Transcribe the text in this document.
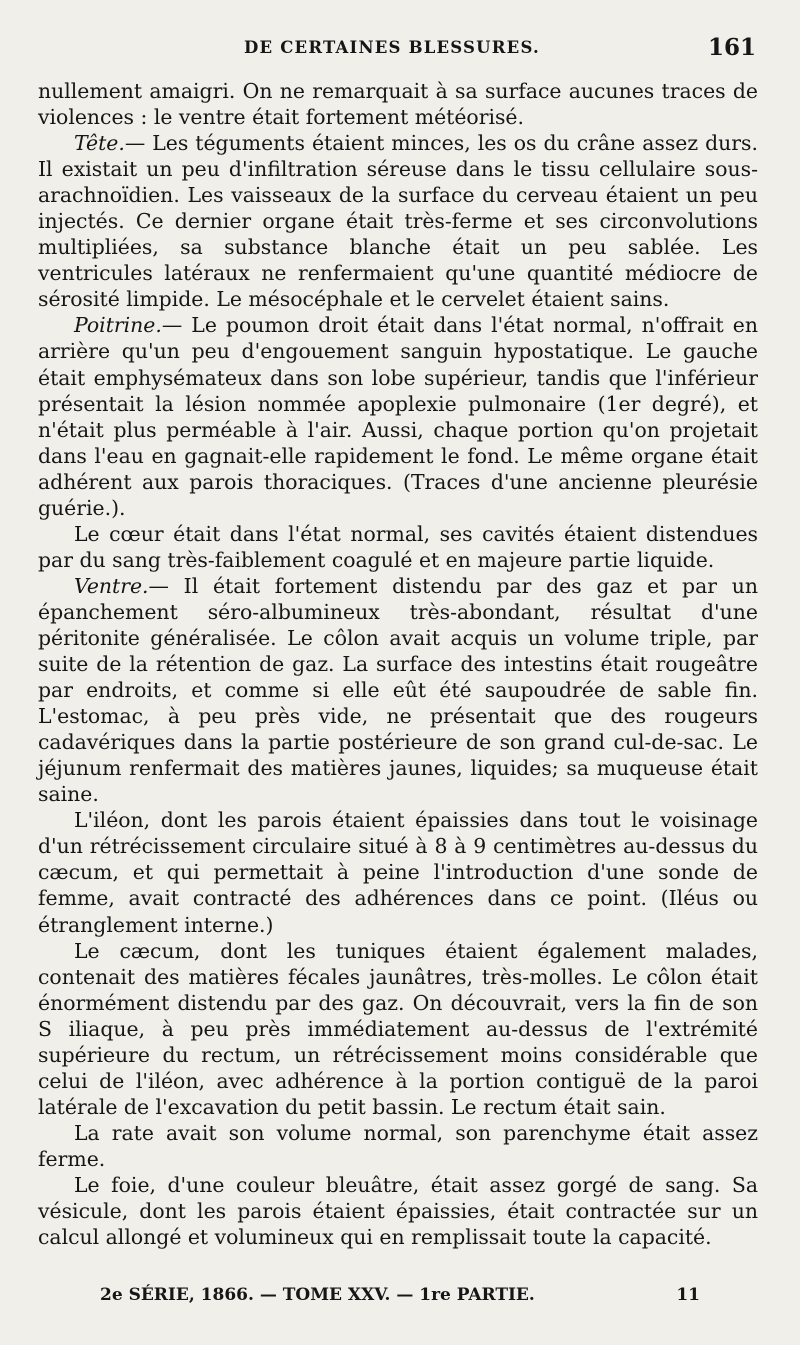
DE CERTAINES BLESSURES.	161

nullement amaigri. On ne remarquait à sa surface aucunes traces de violences : le ventre était fortement météorisé.

Tête.— Les téguments étaient minces, les os du crâne assez durs. Il existait un peu d'infiltration séreuse dans le tissu cellulaire sous-arachnoïdien. Les vaisseaux de la surface du cerveau étaient un peu injectés. Ce dernier organe était très-ferme et ses circonvolutions multipliées, sa substance blanche était un peu sablée. Les ventricules latéraux ne renfermaient qu'une quantité médiocre de sérosité limpide. Le mésocéphale et le cervelet étaient sains.

Poitrine.— Le poumon droit était dans l'état normal, n'offrait en arrière qu'un peu d'engouement sanguin hypostatique. Le gauche était emphysémateux dans son lobe supérieur, tandis que l'inférieur présentait la lésion nommée apoplexie pulmonaire (1er degré), et n'était plus perméable à l'air. Aussi, chaque portion qu'on projetait dans l'eau en gagnait-elle rapidement le fond. Le même organe était adhérent aux parois thoraciques. (Traces d'une ancienne pleurésie guérie.).

Le cœur était dans l'état normal, ses cavités étaient distendues par du sang très-faiblement coagulé et en majeure partie liquide.

Ventre.— Il était fortement distendu par des gaz et par un épanchement séro-albumineux très-abondant, résultat d'une péritonite généralisée. Le côlon avait acquis un volume triple, par suite de la rétention de gaz. La surface des intestins était rougeâtre par endroits, et comme si elle eût été saupoudrée de sable fin. L'estomac, à peu près vide, ne présentait que des rougeurs cadavériques dans la partie postérieure de son grand cul-de-sac. Le jéjunum renfermait des matières jaunes, liquides; sa muqueuse était saine.

L'iléon, dont les parois étaient épaissies dans tout le voisinage d'un rétrécissement circulaire situé à 8 à 9 centimètres au-dessus du cæcum, et qui permettait à peine l'introduction d'une sonde de femme, avait contracté des adhérences dans ce point. (Iléus ou étranglement interne.)

Le cæcum, dont les tuniques étaient également malades, contenait des matières fécales jaunâtres, très-molles. Le côlon était énormément distendu par des gaz. On découvrait, vers la fin de son S iliaque, à peu près immédiatement au-dessus de l'extrémité supérieure du rectum, un rétrécissement moins considérable que celui de l'iléon, avec adhérence à la portion contiguë de la paroi latérale de l'excavation du petit bassin. Le rectum était sain.

La rate avait son volume normal, son parenchyme était assez ferme.

Le foie, d'une couleur bleuâtre, était assez gorgé de sang. Sa vésicule, dont les parois étaient épaissies, était contractée sur un calcul allongé et volumineux qui en remplissait toute la capacité.

2e SÉRIE, 1866. — TOME XXV. — 1re PARTIE.	11
